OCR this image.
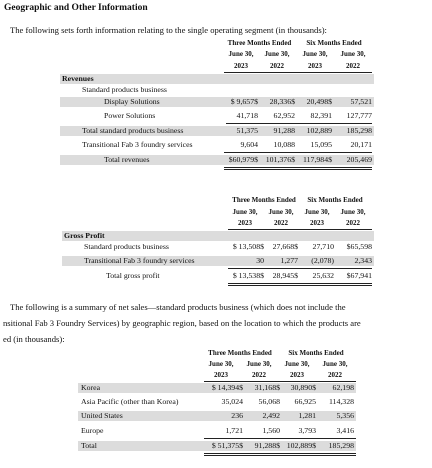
Geographic and Other Information
The following sets forth information relating to the single operating segment (in thousands):
Three Months Ended	Six Months Ended
June 30,	June 30,	June 30,	June 30,
2023	2022	2023	2022
Revenues
Standard products business
Display Solutions	$ 9,657$ 28,336$ 20,498$ 57,521
Power Solutions	41,718 62,952 82,391 127,777
Total standard products business	51,375 91,288 102,889 185,298
Transitional Fab 3 foundry services	9,604 10,088 15,095 20,171
Total revenues	$60,979$ 101,376$ 117,984$ 205,469
Three Months Ended	Six Months Ended
June 30,	June 30,	June 30,	June 30,
2023	2022	2023	2022
Gross Profit
Standard products business	$ 13,508$ 27,668$ 27,710 $65,598
Transitional Fab 3 foundry services	30 1,277 (2,078)	2,343
Total gross profit	$ 13,538$ 28,945$ 25,632 $67,941
The following is a summary of net sales—standard products business (which does not include the
nsitional Fab 3 Foundry Services) by geographic region, based on the location to which the products are
ed (in thousands):
Three Months Ended	Six Months Ended
June 30,	June 30,	June 30,	June 30,
2023	2022	2023	2022
Korea	$ 14,394$ 31,168$ 30,890$ 62,198
Asia Pacific (other than Korea)	35,024 56,068 66,925 114,328
United States	236 2,492 1,281	5,356
Europe	1,721 1,560 3,793	3,416
Total	$ 51,375$ 91,288$ 102,889$ 185,298
